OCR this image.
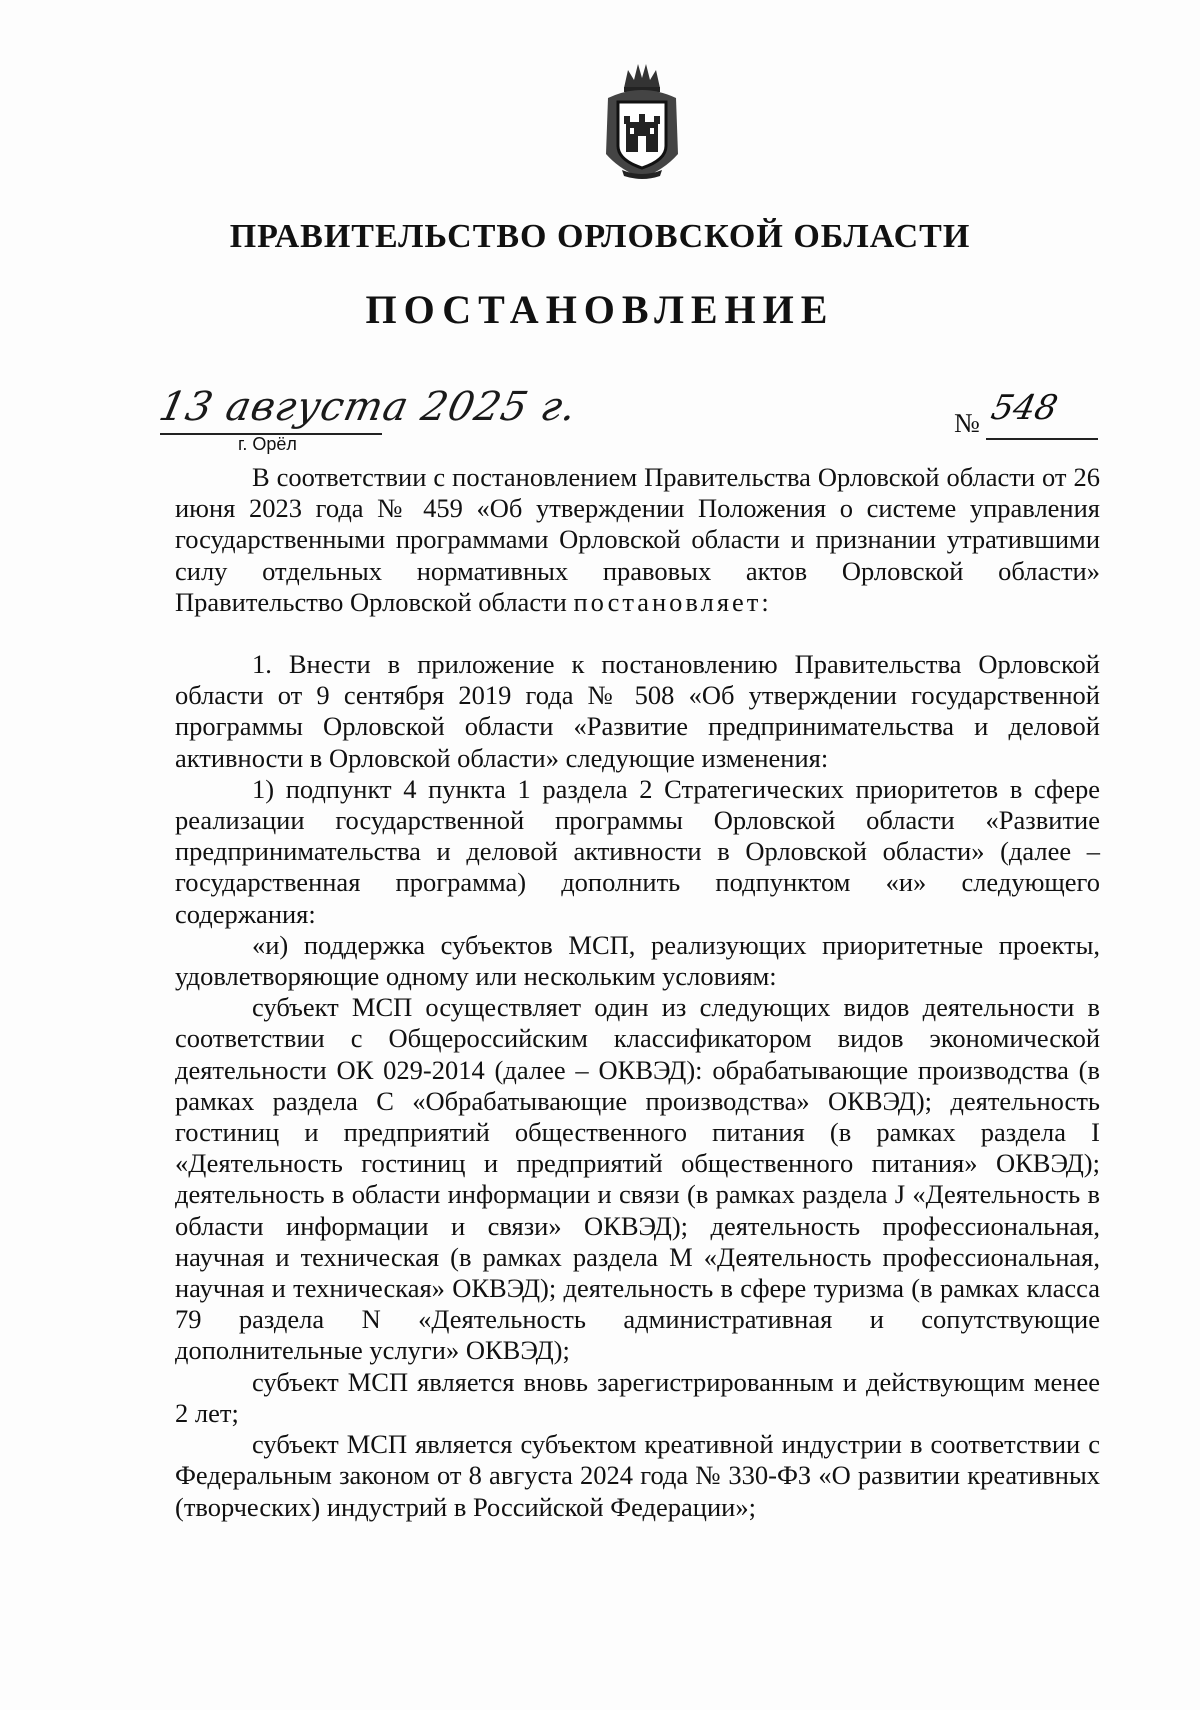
ПРАВИТЕЛЬСТВО ОРЛОВСКОЙ ОБЛАСТИ
ПОСТАНОВЛЕНИЕ
13 августа 2025 г.
г. Орёл
№ 548

В соответствии с постановлением Правительства Орловской области от 26 июня 2023 года № 459 «Об утверждении Положения о системе управления государственными программами Орловской области и признании утратившими силу отдельных нормативных правовых актов Орловской области» Правительство Орловской области постановляет:

1. Внести в приложение к постановлению Правительства Орловской области от 9 сентября 2019 года № 508 «Об утверждении государственной программы Орловской области «Развитие предпринимательства и деловой активности в Орловской области» следующие изменения:

1) подпункт 4 пункта 1 раздела 2 Стратегических приоритетов в сфере реализации государственной программы Орловской области «Развитие предпринимательства и деловой активности в Орловской области» (далее – государственная программа) дополнить подпунктом «и» следующего содержания:

«и) поддержка субъектов МСП, реализующих приоритетные проекты, удовлетворяющие одному или нескольким условиям:

субъект МСП осуществляет один из следующих видов деятельности в соответствии с Общероссийским классификатором видов экономической деятельности ОК 029-2014 (далее – ОКВЭД): обрабатывающие производства (в рамках раздела С «Обрабатывающие производства» ОКВЭД); деятельность гостиниц и предприятий общественного питания (в рамках раздела I «Деятельность гостиниц и предприятий общественного питания» ОКВЭД); деятельность в области информации и связи (в рамках раздела J «Деятельность в области информации и связи» ОКВЭД); деятельность профессиональная, научная и техническая (в рамках раздела M «Деятельность профессиональная, научная и техническая» ОКВЭД); деятельность в сфере туризма (в рамках класса 79 раздела N «Деятельность административная и сопутствующие дополнительные услуги» ОКВЭД);

субъект МСП является вновь зарегистрированным и действующим менее 2 лет;

субъект МСП является субъектом креативной индустрии в соответствии с Федеральным законом от 8 августа 2024 года № 330-ФЗ «О развитии креативных (творческих) индустрий в Российской Федерации»;
